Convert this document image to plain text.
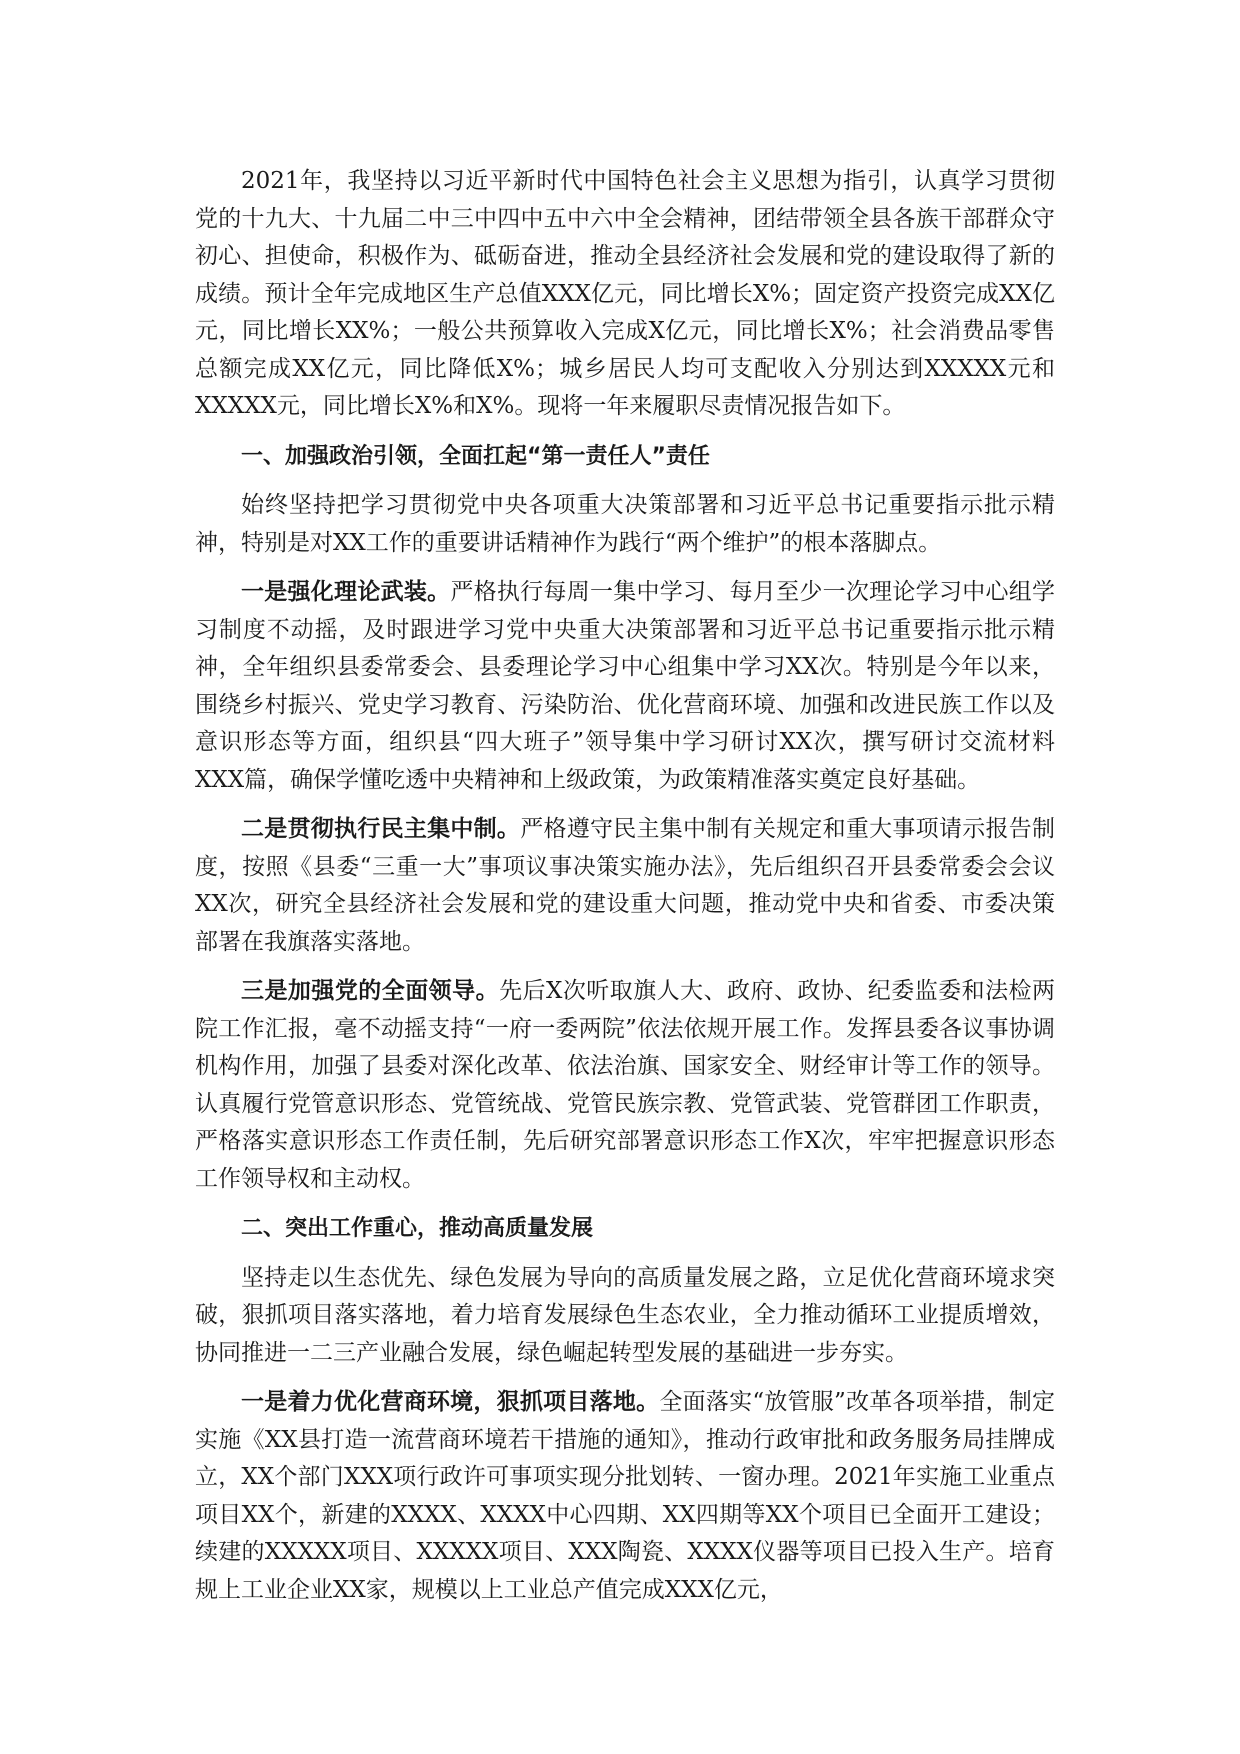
2021年，我坚持以习近平新时代中国特色社会主义思想为指引，认真学习贯彻党的十九大、十九届二中三中四中五中六中全会精神，团结带领全县各族干部群众守初心、担使命，积极作为、砥砺奋进，推动全县经济社会发展和党的建设取得了新的成绩。预计全年完成地区生产总值XXX亿元，同比增长X%；固定资产投资完成XX亿元，同比增长XX%；一般公共预算收入完成X亿元，同比增长X%；社会消费品零售总额完成XX亿元，同比降低X%；城乡居民人均可支配收入分别达到XXXXX元和XXXXX元，同比增长X%和X%。现将一年来履职尽责情况报告如下。

一、加强政治引领，全面扛起“第一责任人”责任

始终坚持把学习贯彻党中央各项重大决策部署和习近平总书记重要指示批示精神，特别是对XX工作的重要讲话精神作为践行“两个维护”的根本落脚点。

一是强化理论武装。严格执行每周一集中学习、每月至少一次理论学习中心组学习制度不动摇，及时跟进学习党中央重大决策部署和习近平总书记重要指示批示精神，全年组织县委常委会、县委理论学习中心组集中学习XX次。特别是今年以来，围绕乡村振兴、党史学习教育、污染防治、优化营商环境、加强和改进民族工作以及意识形态等方面，组织县“四大班子”领导集中学习研讨XX次，撰写研讨交流材料XXX篇，确保学懂吃透中央精神和上级政策，为政策精准落实奠定良好基础。

二是贯彻执行民主集中制。严格遵守民主集中制有关规定和重大事项请示报告制度，按照《县委“三重一大”事项议事决策实施办法》，先后组织召开县委常委会会议XX次，研究全县经济社会发展和党的建设重大问题，推动党中央和省委、市委决策部署在我旗落实落地。

三是加强党的全面领导。先后X次听取旗人大、政府、政协、纪委监委和法检两院工作汇报，毫不动摇支持“一府一委两院”依法依规开展工作。发挥县委各议事协调机构作用，加强了县委对深化改革、依法治旗、国家安全、财经审计等工作的领导。认真履行党管意识形态、党管统战、党管民族宗教、党管武装、党管群团工作职责，严格落实意识形态工作责任制，先后研究部署意识形态工作X次，牢牢把握意识形态工作领导权和主动权。

二、突出工作重心，推动高质量发展

坚持走以生态优先、绿色发展为导向的高质量发展之路，立足优化营商环境求突破，狠抓项目落实落地，着力培育发展绿色生态农业，全力推动循环工业提质增效，协同推进一二三产业融合发展，绿色崛起转型发展的基础进一步夯实。

一是着力优化营商环境，狠抓项目落地。全面落实“放管服”改革各项举措，制定实施《XX县打造一流营商环境若干措施的通知》，推动行政审批和政务服务局挂牌成立，XX个部门XXX项行政许可事项实现分批划转、一窗办理。2021年实施工业重点项目XX个，新建的XXXX、XXXX中心四期、XX四期等XX个项目已全面开工建设；续建的XXXXX项目、XXXXX项目、XXX陶瓷、XXXX仪器等项目已投入生产。培育规上工业企业XX家，规模以上工业总产值完成XXX亿元，
